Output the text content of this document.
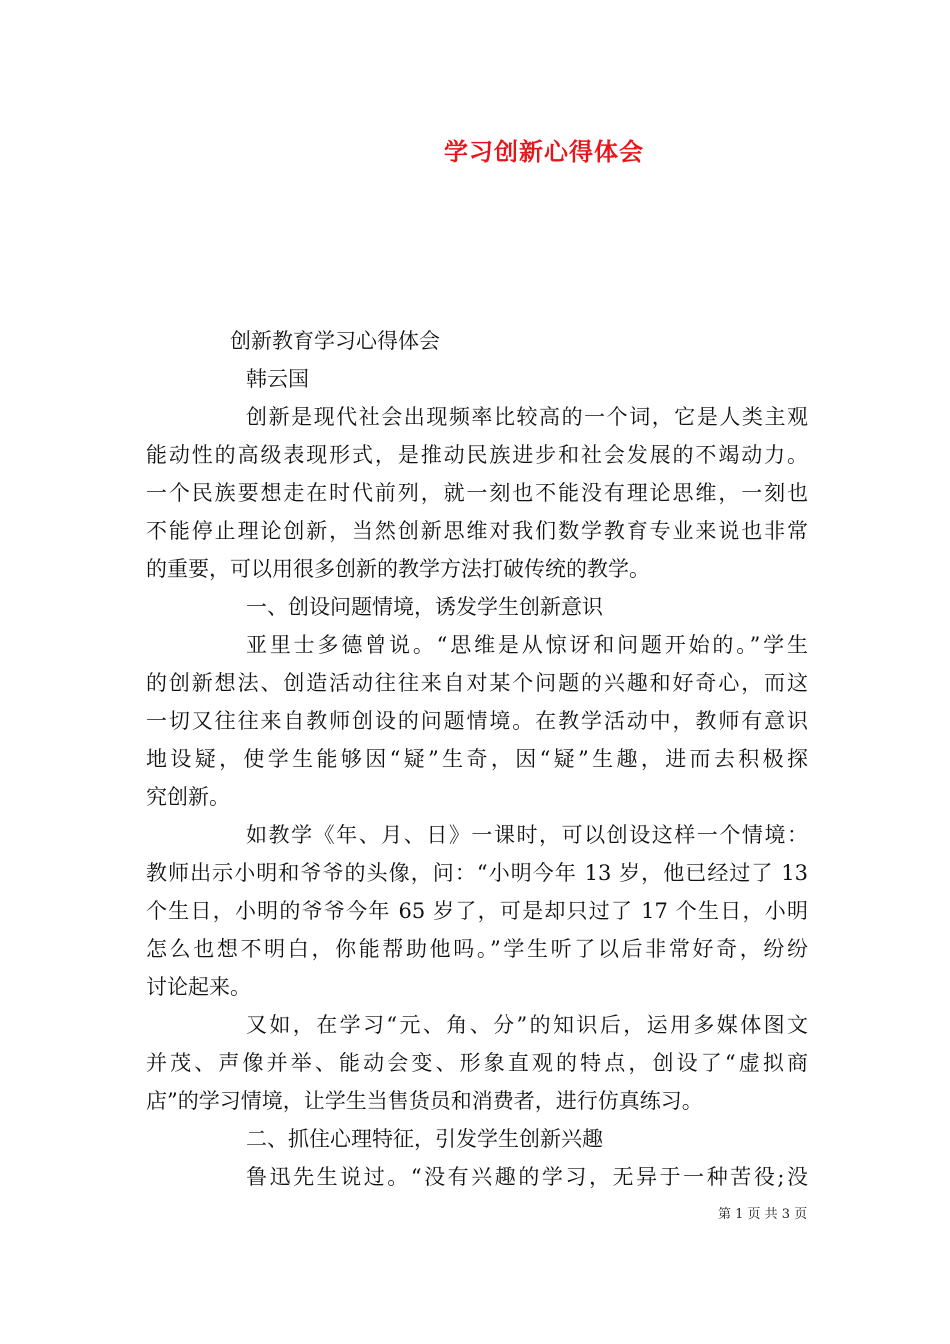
学习创新心得体会
创新教育学习心得体会
韩云国
创新是现代社会出现频率比较高的一个词，它是人类主观
能动性的高级表现形式，是推动民族进步和社会发展的不竭动力。
一个民族要想走在时代前列，就一刻也不能没有理论思维，一刻也
不能停止理论创新，当然创新思维对我们数学教育专业来说也非常
的重要，可以用很多创新的教学方法打破传统的教学。
一、创设问题情境，诱发学生创新意识
亚里士多德曾说。“思维是从惊讶和问题开始的。”学生
的创新想法、创造活动往往来自对某个问题的兴趣和好奇心，而这
一切又往往来自教师创设的问题情境。在教学活动中，教师有意识
地设疑，使学生能够因“疑”生奇，因“疑”生趣，进而去积极探
究创新。
如教学《年、月、日》一课时，可以创设这样一个情境：
教师出示小明和爷爷的头像，问：“小明今年 13 岁，他已经过了 13
个生日，小明的爷爷今年 65 岁了，可是却只过了 17 个生日，小明
怎么也想不明白，你能帮助他吗。”学生听了以后非常好奇，纷纷
讨论起来。
又如，在学习“元、角、分”的知识后，运用多媒体图文
并茂、声像并举、能动会变、形象直观的特点，创设了“虚拟商
店”的学习情境，让学生当售货员和消费者，进行仿真练习。
二、抓住心理特征，引发学生创新兴趣
鲁迅先生说过。“没有兴趣的学习，无异于一种苦役;没
第 1 页 共 3 页
